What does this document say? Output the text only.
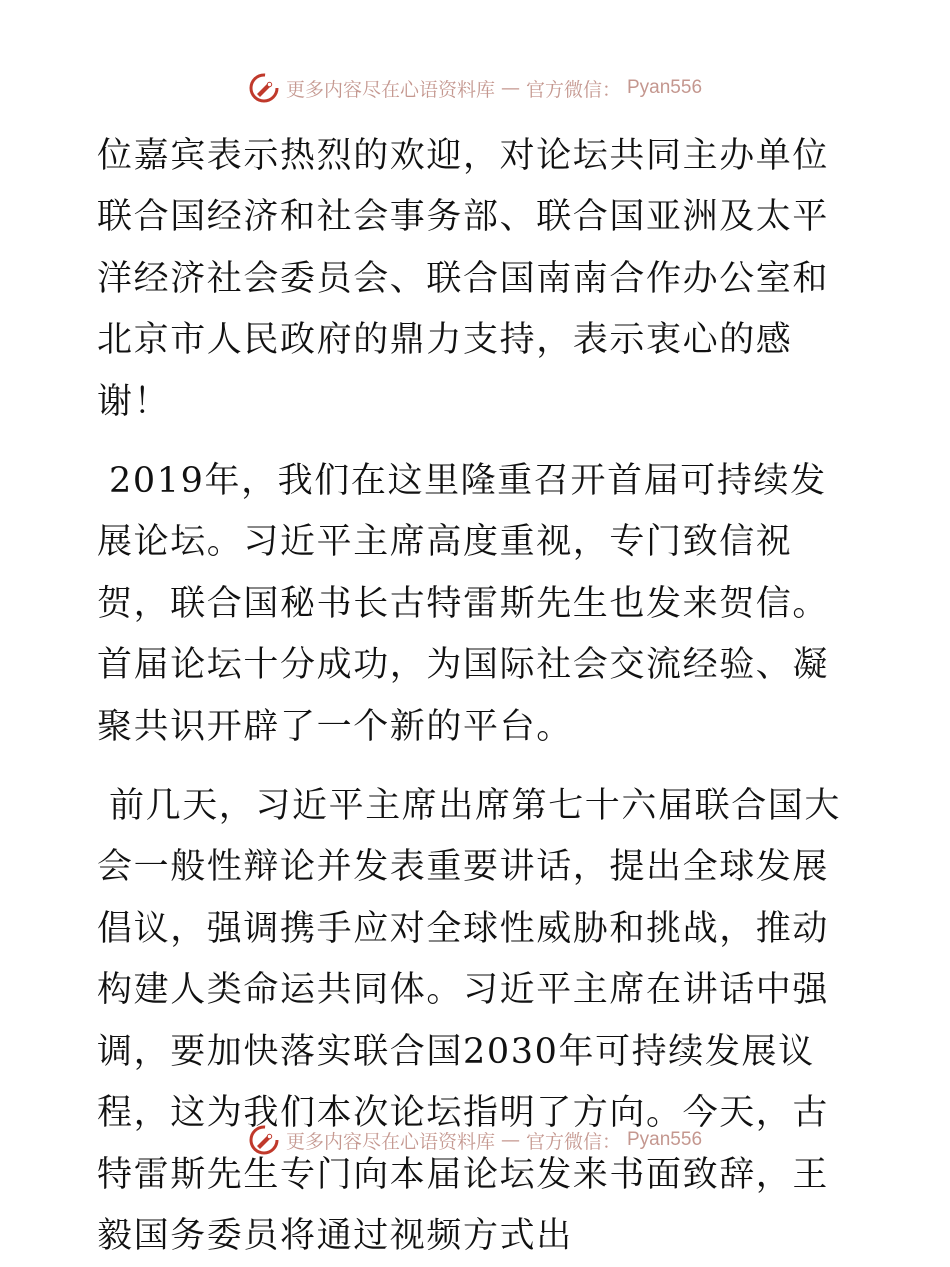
更多内容尽在心语资料库 — 官方微信： Pyan556

位嘉宾表示热烈的欢迎，对论坛共同主办单位联合国经济和社会事务部、联合国亚洲及太平洋经济社会委员会、联合国南南合作办公室和北京市人民政府的鼎力支持，表示衷心的感谢！

2019年，我们在这里隆重召开首届可持续发展论坛。习近平主席高度重视，专门致信祝贺，联合国秘书长古特雷斯先生也发来贺信。首届论坛十分成功，为国际社会交流经验、凝聚共识开辟了一个新的平台。

前几天，习近平主席出席第七十六届联合国大会一般性辩论并发表重要讲话，提出全球发展倡议，强调携手应对全球性威胁和挑战，推动构建人类命运共同体。习近平主席在讲话中强调，要加快落实联合国2030年可持续发展议程，这为我们本次论坛指明了方向。今天，古特雷斯先生专门向本届论坛发来书面致辞，王毅国务委员将通过视频方式出

更多内容尽在心语资料库 — 官方微信： Pyan556
